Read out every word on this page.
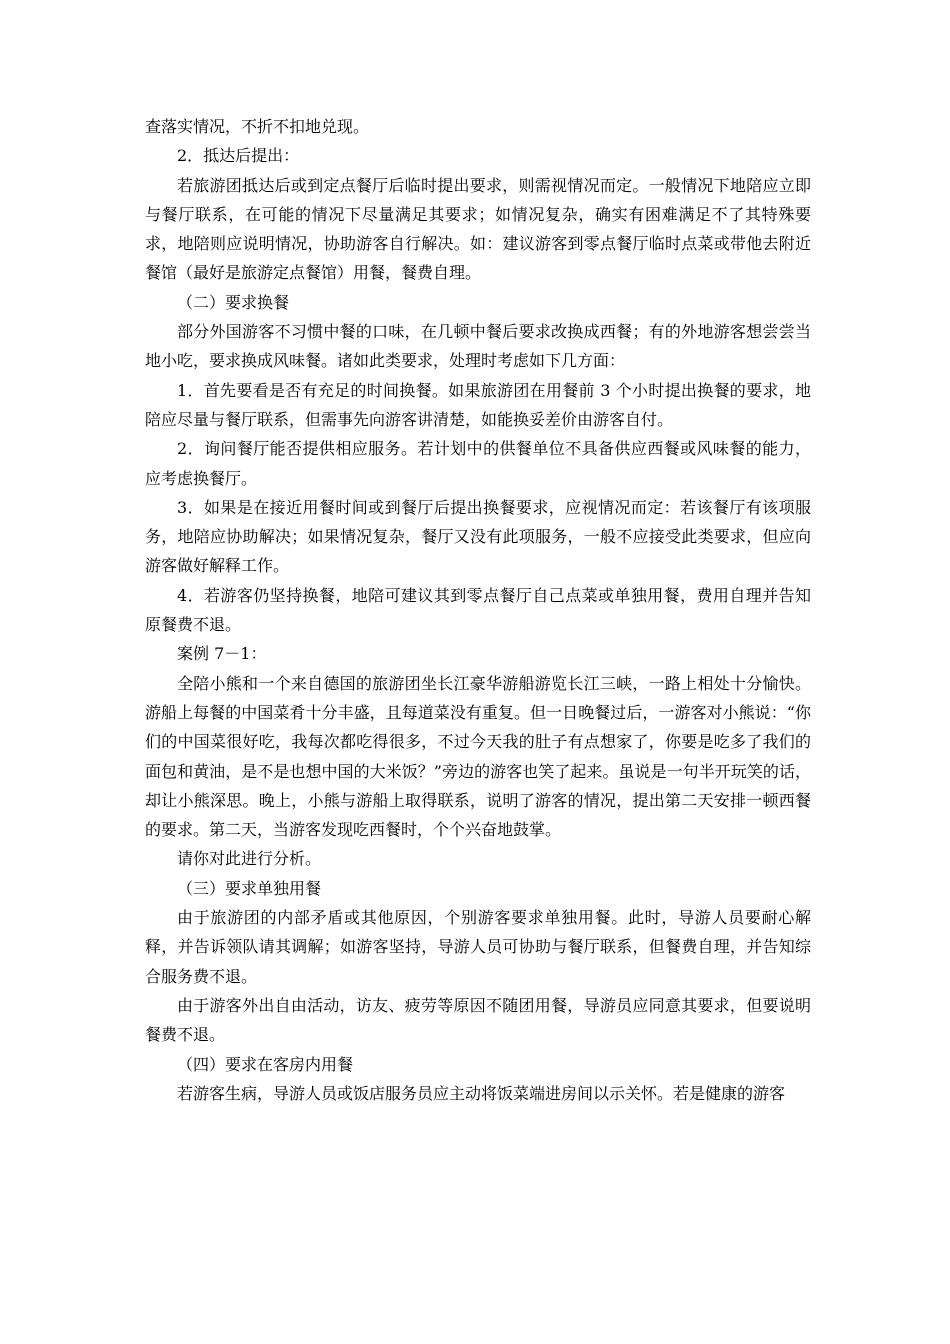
查落实情况，不折不扣地兑现。

2．抵达后提出：

若旅游团抵达后或到定点餐厅后临时提出要求，则需视情况而定。一般情况下地陪应立即与餐厅联系，在可能的情况下尽量满足其要求；如情况复杂，确实有困难满足不了其特殊要求，地陪则应说明情况，协助游客自行解决。如：建议游客到零点餐厅临时点菜或带他去附近餐馆（最好是旅游定点餐馆）用餐，餐费自理。

（二）要求换餐

部分外国游客不习惯中餐的口味，在几顿中餐后要求改换成西餐；有的外地游客想尝尝当地小吃，要求换成风味餐。诸如此类要求，处理时考虑如下几方面：

1．首先要看是否有充足的时间换餐。如果旅游团在用餐前 3 个小时提出换餐的要求，地陪应尽量与餐厅联系，但需事先向游客讲清楚，如能换妥差价由游客自付。

2．询问餐厅能否提供相应服务。若计划中的供餐单位不具备供应西餐或风味餐的能力，应考虑换餐厅。

3．如果是在接近用餐时间或到餐厅后提出换餐要求，应视情况而定：若该餐厅有该项服务，地陪应协助解决；如果情况复杂，餐厅又没有此项服务，一般不应接受此类要求，但应向游客做好解释工作。

4．若游客仍坚持换餐，地陪可建议其到零点餐厅自己点菜或单独用餐，费用自理并告知原餐费不退。

案例 7－1：

全陪小熊和一个来自德国的旅游团坐长江豪华游船游览长江三峡，一路上相处十分愉快。游船上每餐的中国菜肴十分丰盛，且每道菜没有重复。但一日晚餐过后，一游客对小熊说：“你们的中国菜很好吃，我每次都吃得很多，不过今天我的肚子有点想家了，你要是吃多了我们的面包和黄油，是不是也想中国的大米饭？”旁边的游客也笑了起来。虽说是一句半开玩笑的话，却让小熊深思。晚上，小熊与游船上取得联系，说明了游客的情况，提出第二天安排一顿西餐的要求。第二天，当游客发现吃西餐时，个个兴奋地鼓掌。

请你对此进行分析。

（三）要求单独用餐

由于旅游团的内部矛盾或其他原因，个别游客要求单独用餐。此时，导游人员要耐心解释，并告诉领队请其调解；如游客坚持，导游人员可协助与餐厅联系，但餐费自理，并告知综合服务费不退。

由于游客外出自由活动，访友、疲劳等原因不随团用餐，导游员应同意其要求，但要说明餐费不退。

（四）要求在客房内用餐

若游客生病，导游人员或饭店服务员应主动将饭菜端进房间以示关怀。若是健康的游客
